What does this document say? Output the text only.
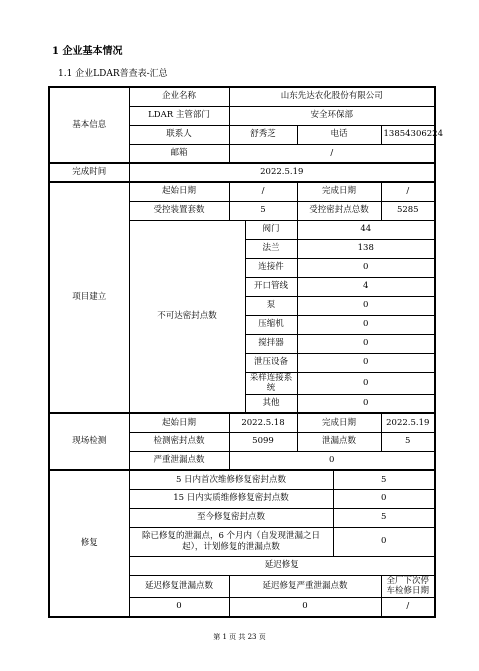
1 企业基本情况
1.1 企业LDAR普查表-汇总
基本信息	企业名称	山东先达农化股份有限公司				
	LDAR 主管部门	安全环保部				
	联系人	舒秀芝		电话		13854306224
	邮箱	/				
完成时间	2022.5.19					
项目建立	起始日期	/		完成日期		/
	受控装置套数	5		受控密封点总数		5285
	不可达密封点数		阀门	44		
			法兰	138		
			连接件	0		
			开口管线	4		
			泵	0		
			压缩机	0		
			搅拌器	0		
			泄压设备	0		
			采样连接系统	0		
			其他	0		
现场检测	起始日期	2022.5.18		完成日期		2022.5.19
	检测密封点数	5099		泄漏点数		5
	严重泄漏点数	0				
修复	5 日内首次维修修复密封点数				5	
	15 日内实质维修修复密封点数				0	
	至今修复密封点数				5	
	除已修复的泄漏点，6 个月内（自发现泄漏之日起），计划修复的泄漏点数				0	
	延迟修复					
	延迟修复泄漏点数	延迟修复严重泄漏点数				全厂下次停车检修日期
	0	0				/
第 1 页 共 23 页
